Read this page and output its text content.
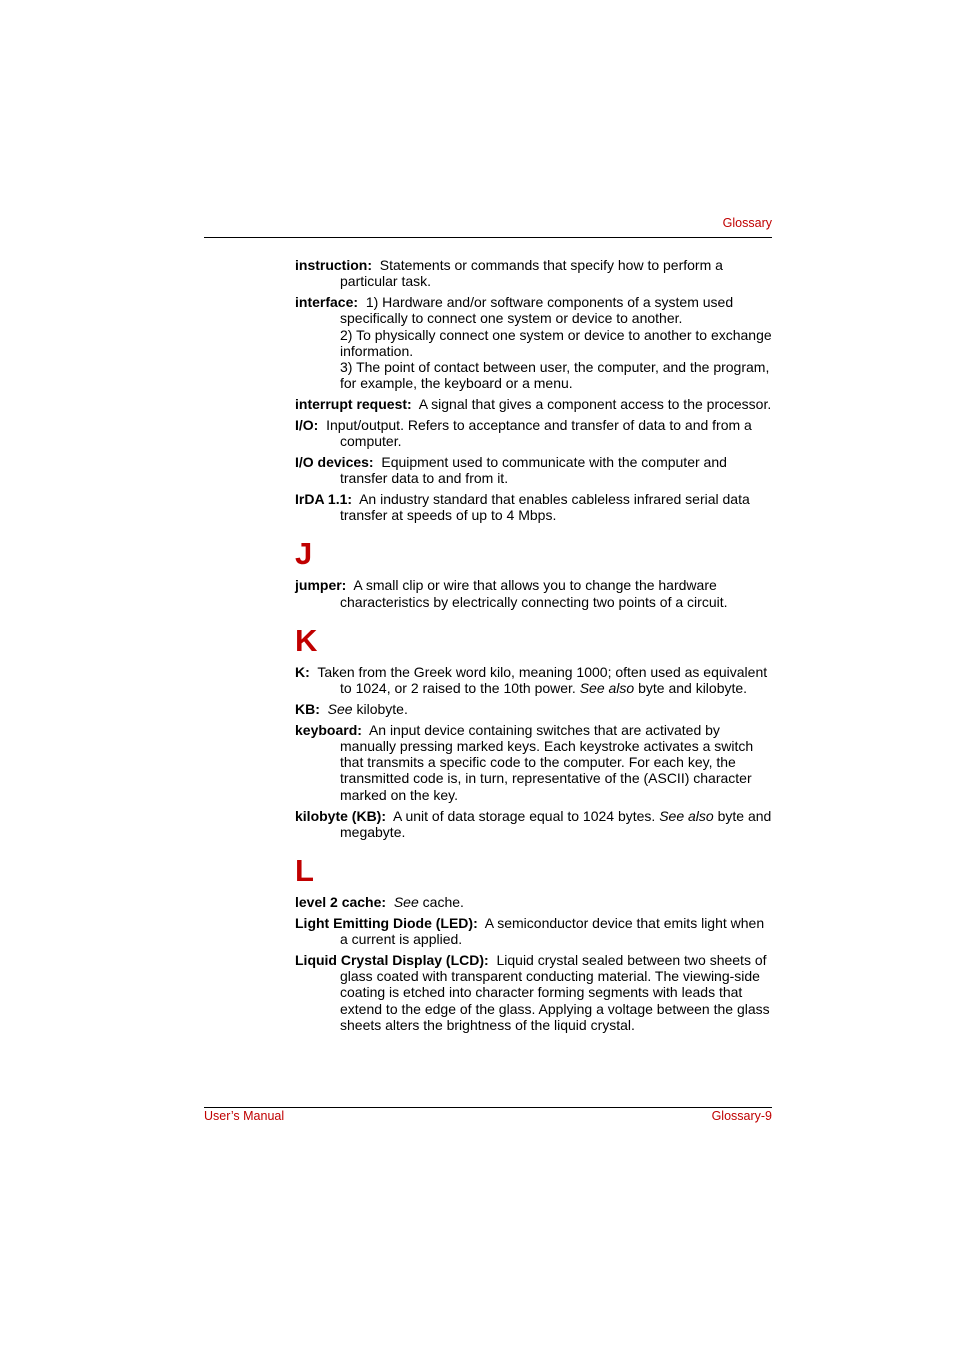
Glossary

instruction: Statements or commands that specify how to perform a particular task.

interface: 1) Hardware and/or software components of a system used specifically to connect one system or device to another.
2) To physically connect one system or device to another to exchange information.
3) The point of contact between user, the computer, and the program, for example, the keyboard or a menu.

interrupt request: A signal that gives a component access to the processor.

I/O: Input/output. Refers to acceptance and transfer of data to and from a computer.

I/O devices: Equipment used to communicate with the computer and transfer data to and from it.

IrDA 1.1: An industry standard that enables cableless infrared serial data transfer at speeds of up to 4 Mbps.

J

jumper: A small clip or wire that allows you to change the hardware characteristics by electrically connecting two points of a circuit.

K

K: Taken from the Greek word kilo, meaning 1000; often used as equivalent to 1024, or 2 raised to the 10th power. See also byte and kilobyte.

KB: See kilobyte.

keyboard: An input device containing switches that are activated by manually pressing marked keys. Each keystroke activates a switch that transmits a specific code to the computer. For each key, the transmitted code is, in turn, representative of the (ASCII) character marked on the key.

kilobyte (KB): A unit of data storage equal to 1024 bytes. See also byte and megabyte.

L

level 2 cache: See cache.

Light Emitting Diode (LED): A semiconductor device that emits light when a current is applied.

Liquid Crystal Display (LCD): Liquid crystal sealed between two sheets of glass coated with transparent conducting material. The viewing-side coating is etched into character forming segments with leads that extend to the edge of the glass. Applying a voltage between the glass sheets alters the brightness of the liquid crystal.

User’s Manual	Glossary-9
